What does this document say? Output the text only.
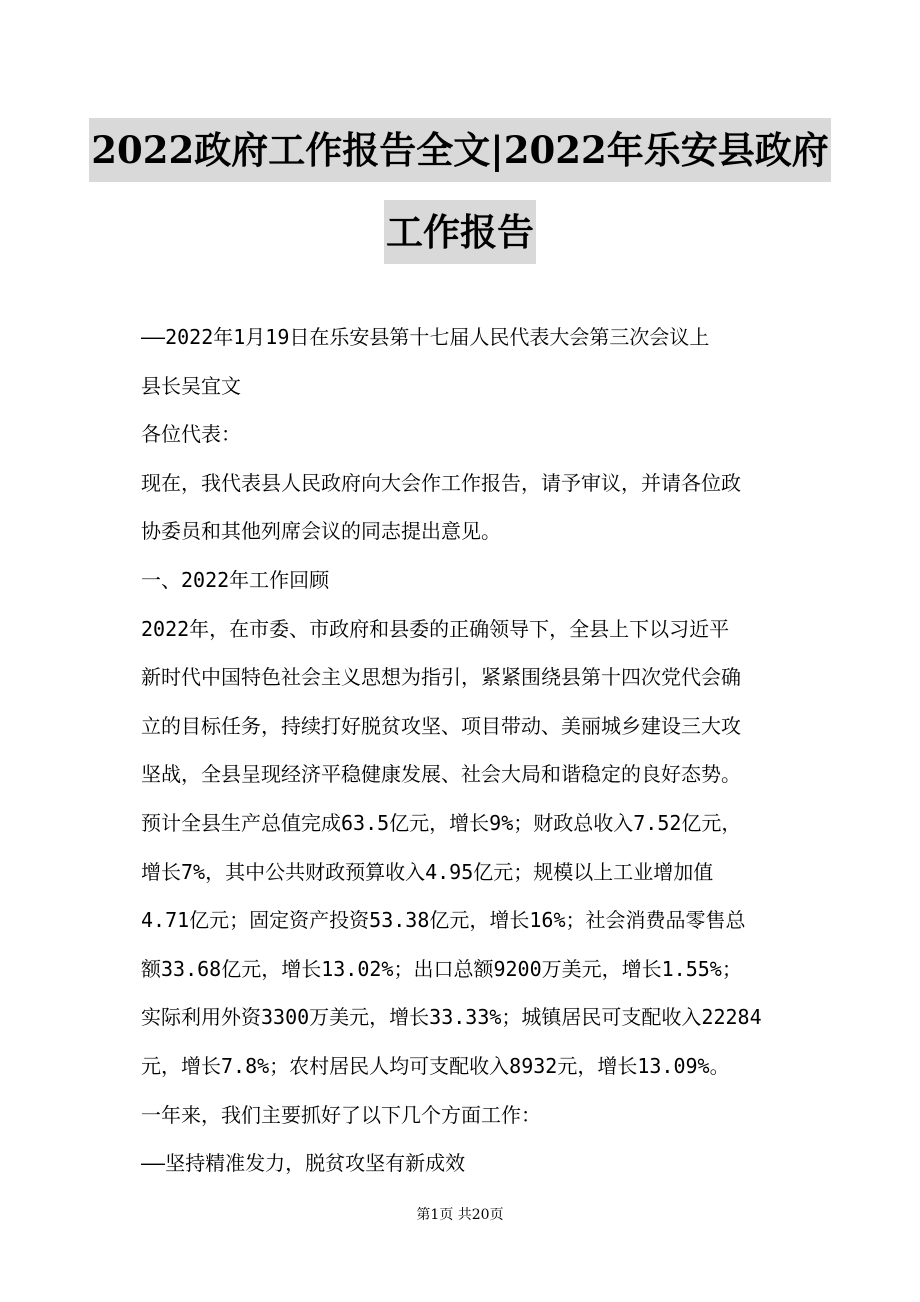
2022政府工作报告全文|2022年乐安县政府
工作报告

——2022年1月19日在乐安县第十七届人民代表大会第三次会议上

县长吴宜文

各位代表：

现在，我代表县人民政府向大会作工作报告，请予审议，并请各位政

协委员和其他列席会议的同志提出意见。

一、2022年工作回顾

2022年，在市委、市政府和县委的正确领导下，全县上下以习近平

新时代中国特色社会主义思想为指引，紧紧围绕县第十四次党代会确

立的目标任务，持续打好脱贫攻坚、项目带动、美丽城乡建设三大攻

坚战，全县呈现经济平稳健康发展、社会大局和谐稳定的良好态势。

预计全县生产总值完成63.5亿元，增长9%；财政总收入7.52亿元，

增长7%，其中公共财政预算收入4.95亿元；规模以上工业增加值

4.71亿元；固定资产投资53.38亿元，增长16%；社会消费品零售总

额33.68亿元，增长13.02%；出口总额9200万美元，增长1.55%；

实际利用外资3300万美元，增长33.33%；城镇居民可支配收入22284

元，增长7.8%；农村居民人均可支配收入8932元，增长13.09%。

一年来，我们主要抓好了以下几个方面工作：

——坚持精准发力，脱贫攻坚有新成效

第1页 共20页
